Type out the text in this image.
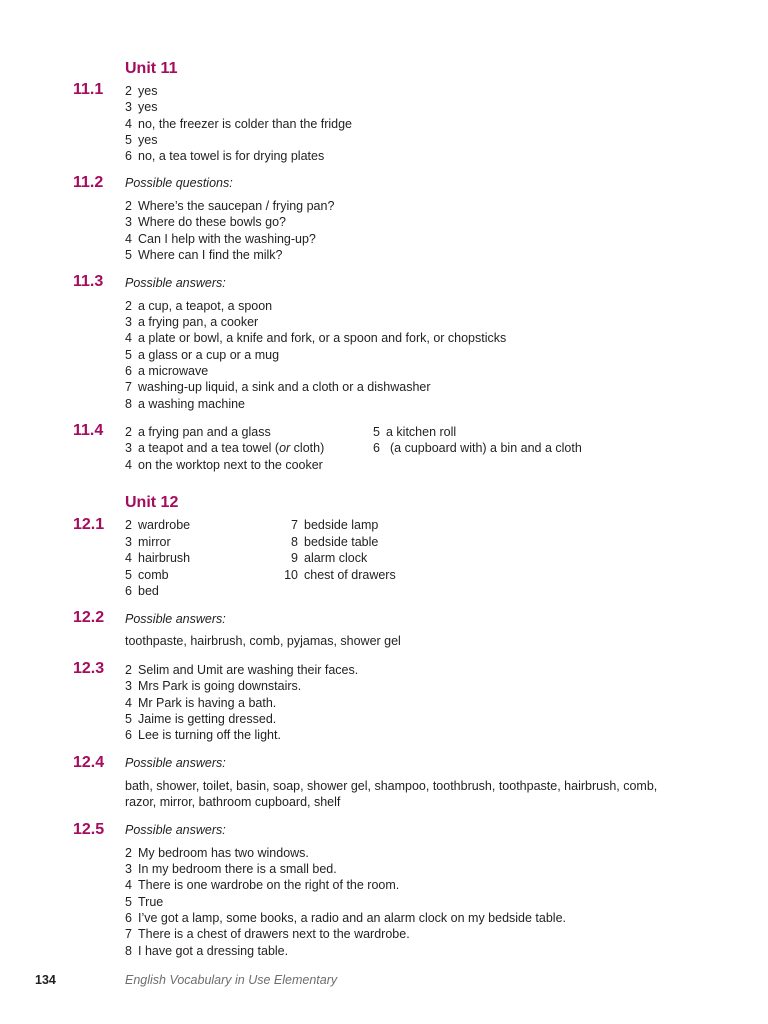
Unit 11
11.1 2 yes
3 yes
4 no, the freezer is colder than the fridge
5 yes
6 no, a tea towel is for drying plates
11.2 Possible questions:
2 Where’s the saucepan / frying pan?
3 Where do these bowls go?
4 Can I help with the washing-up?
5 Where can I find the milk?
11.3 Possible answers:
2 a cup, a teapot, a spoon
3 a frying pan, a cooker
4 a plate or bowl, a knife and fork, or a spoon and fork, or chopsticks
5 a glass or a cup or a mug
6 a microwave
7 washing-up liquid, a sink and a cloth or a dishwasher
8 a washing machine
11.4 2 a frying pan and a glass
3 a teapot and a tea towel (or cloth)
4 on the worktop next to the cooker
5 a kitchen roll
6 (a cupboard with) a bin and a cloth
Unit 12
12.1 2 wardrobe
3 mirror
4 hairbrush
5 comb
6 bed
7 bedside lamp
8 bedside table
9 alarm clock
10 chest of drawers
12.2 Possible answers:
toothpaste, hairbrush, comb, pyjamas, shower gel
12.3 2 Selim and Umit are washing their faces.
3 Mrs Park is going downstairs.
4 Mr Park is having a bath.
5 Jaime is getting dressed.
6 Lee is turning off the light.
12.4 Possible answers:
bath, shower, toilet, basin, soap, shower gel, shampoo, toothbrush, toothpaste, hairbrush, comb,
razor, mirror, bathroom cupboard, shelf
12.5 Possible answers:
2 My bedroom has two windows.
3 In my bedroom there is a small bed.
4 There is one wardrobe on the right of the room.
5 True
6 I’ve got a lamp, some books, a radio and an alarm clock on my bedside table.
7 There is a chest of drawers next to the wardrobe.
8 I have got a dressing table.
134	English Vocabulary in Use Elementary
